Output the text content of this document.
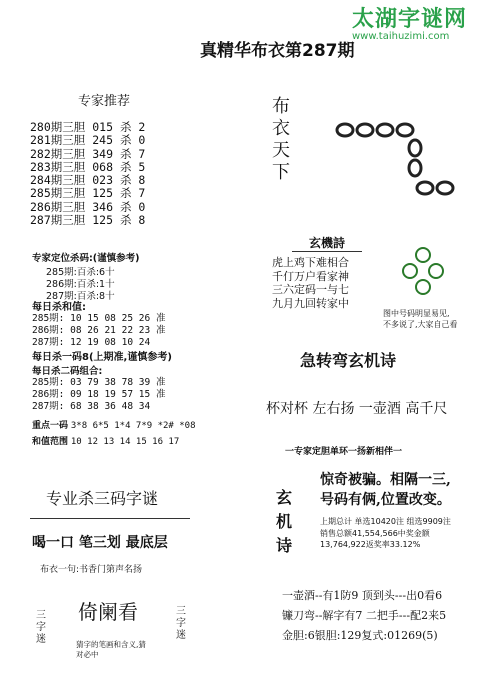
太湖字谜网
www.taihuzimi.com
真精华布衣第287期
专家推荐
280期三胆 015 杀 2
281期三胆 245 杀 0
282期三胆 349 杀 7
283期三胆 068 杀 5
284期三胆 023 杀 8
285期三胆 125 杀 7
286期三胆 346 杀 0
287期三胆 125 杀 8
布
衣
天
下
玄機詩
虎上鸡下难相合
千仃万户看家神
三六定码一与七
九月九回转家中
图中号码明显易见,
不多说了,大家自己看
专家定位杀码:(谨慎参考)
285期:百杀:6十
286期:百杀:1十
287期:百杀:8十
每日杀和值:
285期: 10 15 08 25 26 准
286期: 08 26 21 22 23 准
287期: 12 19 08 10 24
每日杀一码8(上期准,谨慎参考)
每日杀二码组合:
285期: 03 79 38 78 39 准
286期: 09 18 19 57 15 准
287期: 68 38 36 48 34
重点一码 3*8 6*5 1*4 7*9 *2# *08
和值范围 10 12 13 14 15 16 17
急转弯玄机诗
杯对杯 左右扬 一壶酒 高千尺
一专家定胆单环一扬新相伴一
专业杀三码字谜
喝一口 笔三划 最底层
布衣一句:书香门第声名扬
玄
机
诗
惊奇被骗。相隔一三,
号码有俩,位置改变。
上期总计 单选10420注 组选9909注
销售总额41,554,566中奖金额
13,764,922返奖率33.12%
三
字
迷
倚阑看	三
字
迷
猜字的笔画和含义,猜
对必中
一壶酒--有1防9 顶到头---出0看6
镰刀弯--解字有7 二把手---配2来5
金胆:6银胆:129复式:01269(5)
